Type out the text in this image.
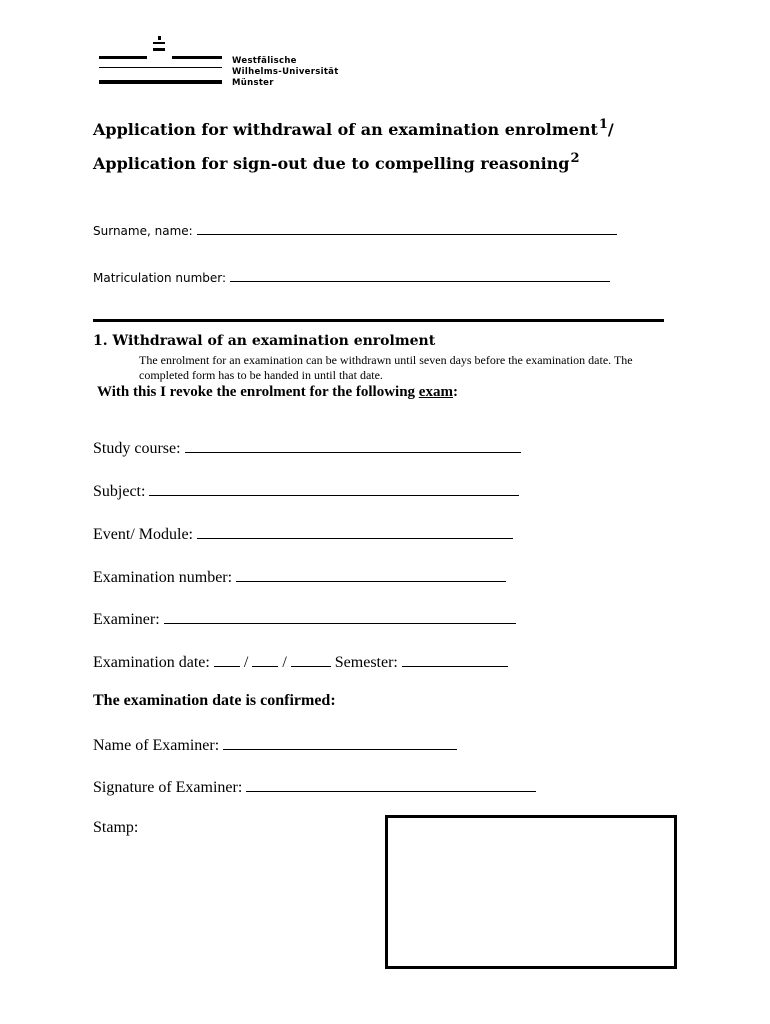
Westfälische
Wilhelms-Universität
Münster
Application for withdrawal of an examination enrolment$^1$/
Application for sign-out due to compelling reasoning$^2$
Surname, name:
Matriculation number:
1. Withdrawal of an examination enrolment
The enrolment for an examination can be withdrawn until seven days before the examination date. The completed form has to be handed in until that date.
With this I revoke the enrolment for the following exam:
Study course:
Subject:
Event/ Module:
Examination number:
Examiner:
Examination date: / /	Semester:
The examination date is confirmed:
Name of Examiner:
Signature of Examiner:
Stamp:
